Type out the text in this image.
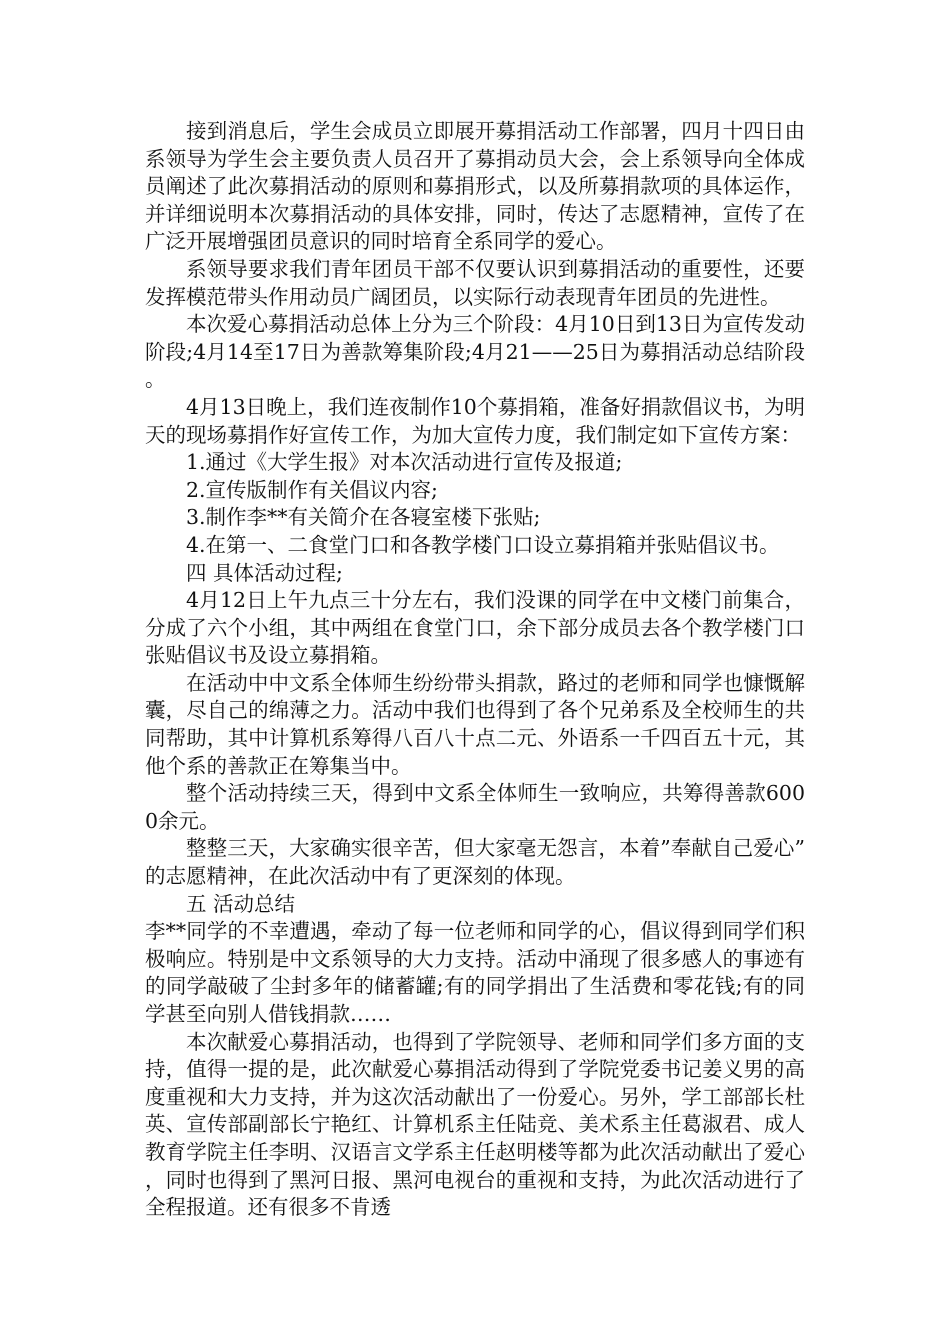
接到消息后，学生会成员立即展开募捐活动工作部署，四月十四日由系领导为学生会主要负责人员召开了募捐动员大会，会上系领导向全体成员阐述了此次募捐活动的原则和募捐形式，以及所募捐款项的具体运作，并详细说明本次募捐活动的具体安排，同时，传达了志愿精神，宣传了在广泛开展增强团员意识的同时培育全系同学的爱心。

系领导要求我们青年团员干部不仅要认识到募捐活动的重要性，还要发挥模范带头作用动员广阔团员，以实际行动表现青年团员的先进性。

本次爱心募捐活动总体上分为三个阶段：4月10日到13日为宣传发动阶段;4月14至17日为善款筹集阶段;4月21——25日为募捐活动总结阶段。

4月13日晚上，我们连夜制作10个募捐箱，准备好捐款倡议书，为明天的现场募捐作好宣传工作，为加大宣传力度，我们制定如下宣传方案：

1.通过《大学生报》对本次活动进行宣传及报道;

2.宣传版制作有关倡议内容;

3.制作李**有关简介在各寝室楼下张贴;

4.在第一、二食堂门口和各教学楼门口设立募捐箱并张贴倡议书。

四 具体活动过程;

4月12日上午九点三十分左右，我们没课的同学在中文楼门前集合，分成了六个小组，其中两组在食堂门口，余下部分成员去各个教学楼门口张贴倡议书及设立募捐箱。

在活动中中文系全体师生纷纷带头捐款，路过的老师和同学也慷慨解囊，尽自己的绵薄之力。活动中我们也得到了各个兄弟系及全校师生的共同帮助，其中计算机系筹得八百八十点二元、外语系一千四百五十元，其他个系的善款正在筹集当中。

整个活动持续三天，得到中文系全体师生一致响应，共筹得善款6000余元。

整整三天，大家确实很辛苦，但大家毫无怨言，本着”奉献自己爱心”的志愿精神，在此次活动中有了更深刻的体现。

五 活动总结

李**同学的不幸遭遇，牵动了每一位老师和同学的心，倡议得到同学们积极响应。特别是中文系领导的大力支持。活动中涌现了很多感人的事迹有的同学敲破了尘封多年的储蓄罐;有的同学捐出了生活费和零花钱;有的同学甚至向别人借钱捐款……

本次献爱心募捐活动，也得到了学院领导、老师和同学们多方面的支持，值得一提的是，此次献爱心募捐活动得到了学院党委书记姜义男的高度重视和大力支持，并为这次活动献出了一份爱心。另外，学工部部长杜英、宣传部副部长宁艳红、计算机系主任陆竞、美术系主任葛淑君、成人教育学院主任李明、汉语言文学系主任赵明楼等都为此次活动献出了爱心，同时也得到了黑河日报、黑河电视台的重视和支持，为此次活动进行了全程报道。还有很多不肯透
